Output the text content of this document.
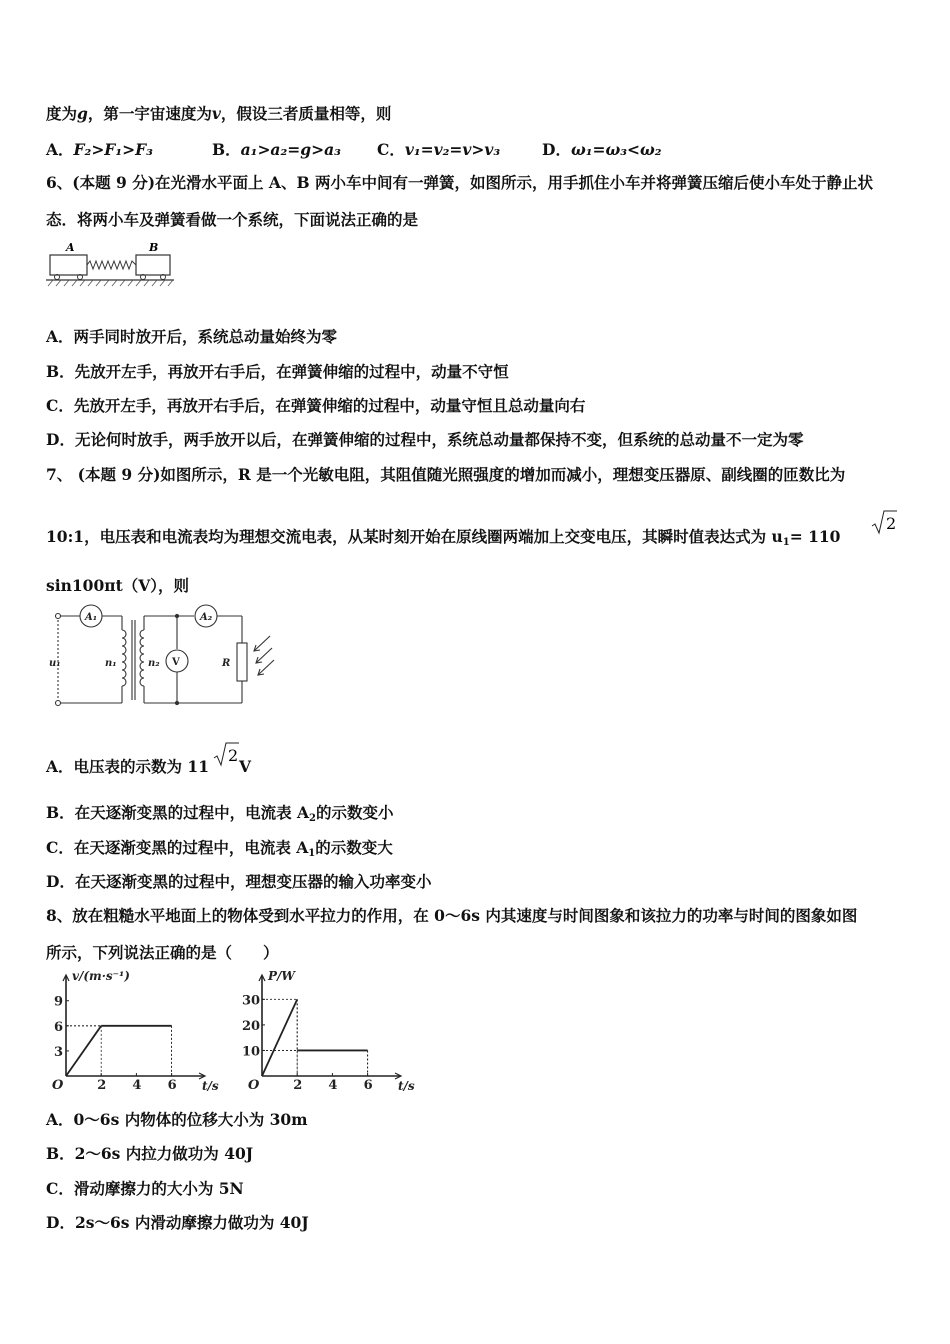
度为g，第一宇宙速度为v，假设三者质量相等，则
A．F₂>F₁>F₃	B．a₁>a₂=g>a₃ C．v₁=v₂=v>v₃	D．ω₁=ω₃<ω₂
6、(本题 9 分)在光滑水平面上 A、B 两小车中间有一弹簧，如图所示，用手抓住小车并将弹簧压缩后使小车处于静止状
态．将两小车及弹簧看做一个系统，下面说法正确的是
A	B
A．两手同时放开后，系统总动量始终为零
B．先放开左手，再放开右手后，在弹簧伸缩的过程中，动量不守恒
C．先放开左手，再放开右手后，在弹簧伸缩的过程中，动量守恒且总动量向右
D．无论何时放手，两手放开以后，在弹簧伸缩的过程中，系统总动量都保持不变，但系统的总动量不一定为零
7、 (本题 9 分)如图所示，R 是一个光敏电阻，其阻值随光照强度的增加而减小，理想变压器原、副线圈的匝数比为
10:1，电压表和电流表均为理想交流电表，从某时刻开始在原线圈两端加上交变电压，其瞬时值表达式为 $u_1= 110$
2
sin100πt（V），则
A₁	A₂
u₁	n₁	n₂ V	R
A．电压表的示数为 11 V
2
B．在天逐渐变黑的过程中，电流表 $A_2$的示数变小
C．在天逐渐变黑的过程中，电流表 $A_1$的示数变大
D．在天逐渐变黑的过程中，理想变压器的输入功率变小
8、放在粗糙水平地面上的物体受到水平拉力的作用，在 0～6s 内其速度与时间图象和该拉力的功率与时间的图象如图
所示，下列说法正确的是（　　）
v/(m·s⁻¹)
t/s
O	2 4 6
3
6
9
P/W
t/s
O	2 4 6
10
20
30
A．0～6s 内物体的位移大小为 30m
B．2～6s 内拉力做功为 40J
C．滑动摩擦力的大小为 5N
D．2s～6s 内滑动摩擦力做功为 40J
